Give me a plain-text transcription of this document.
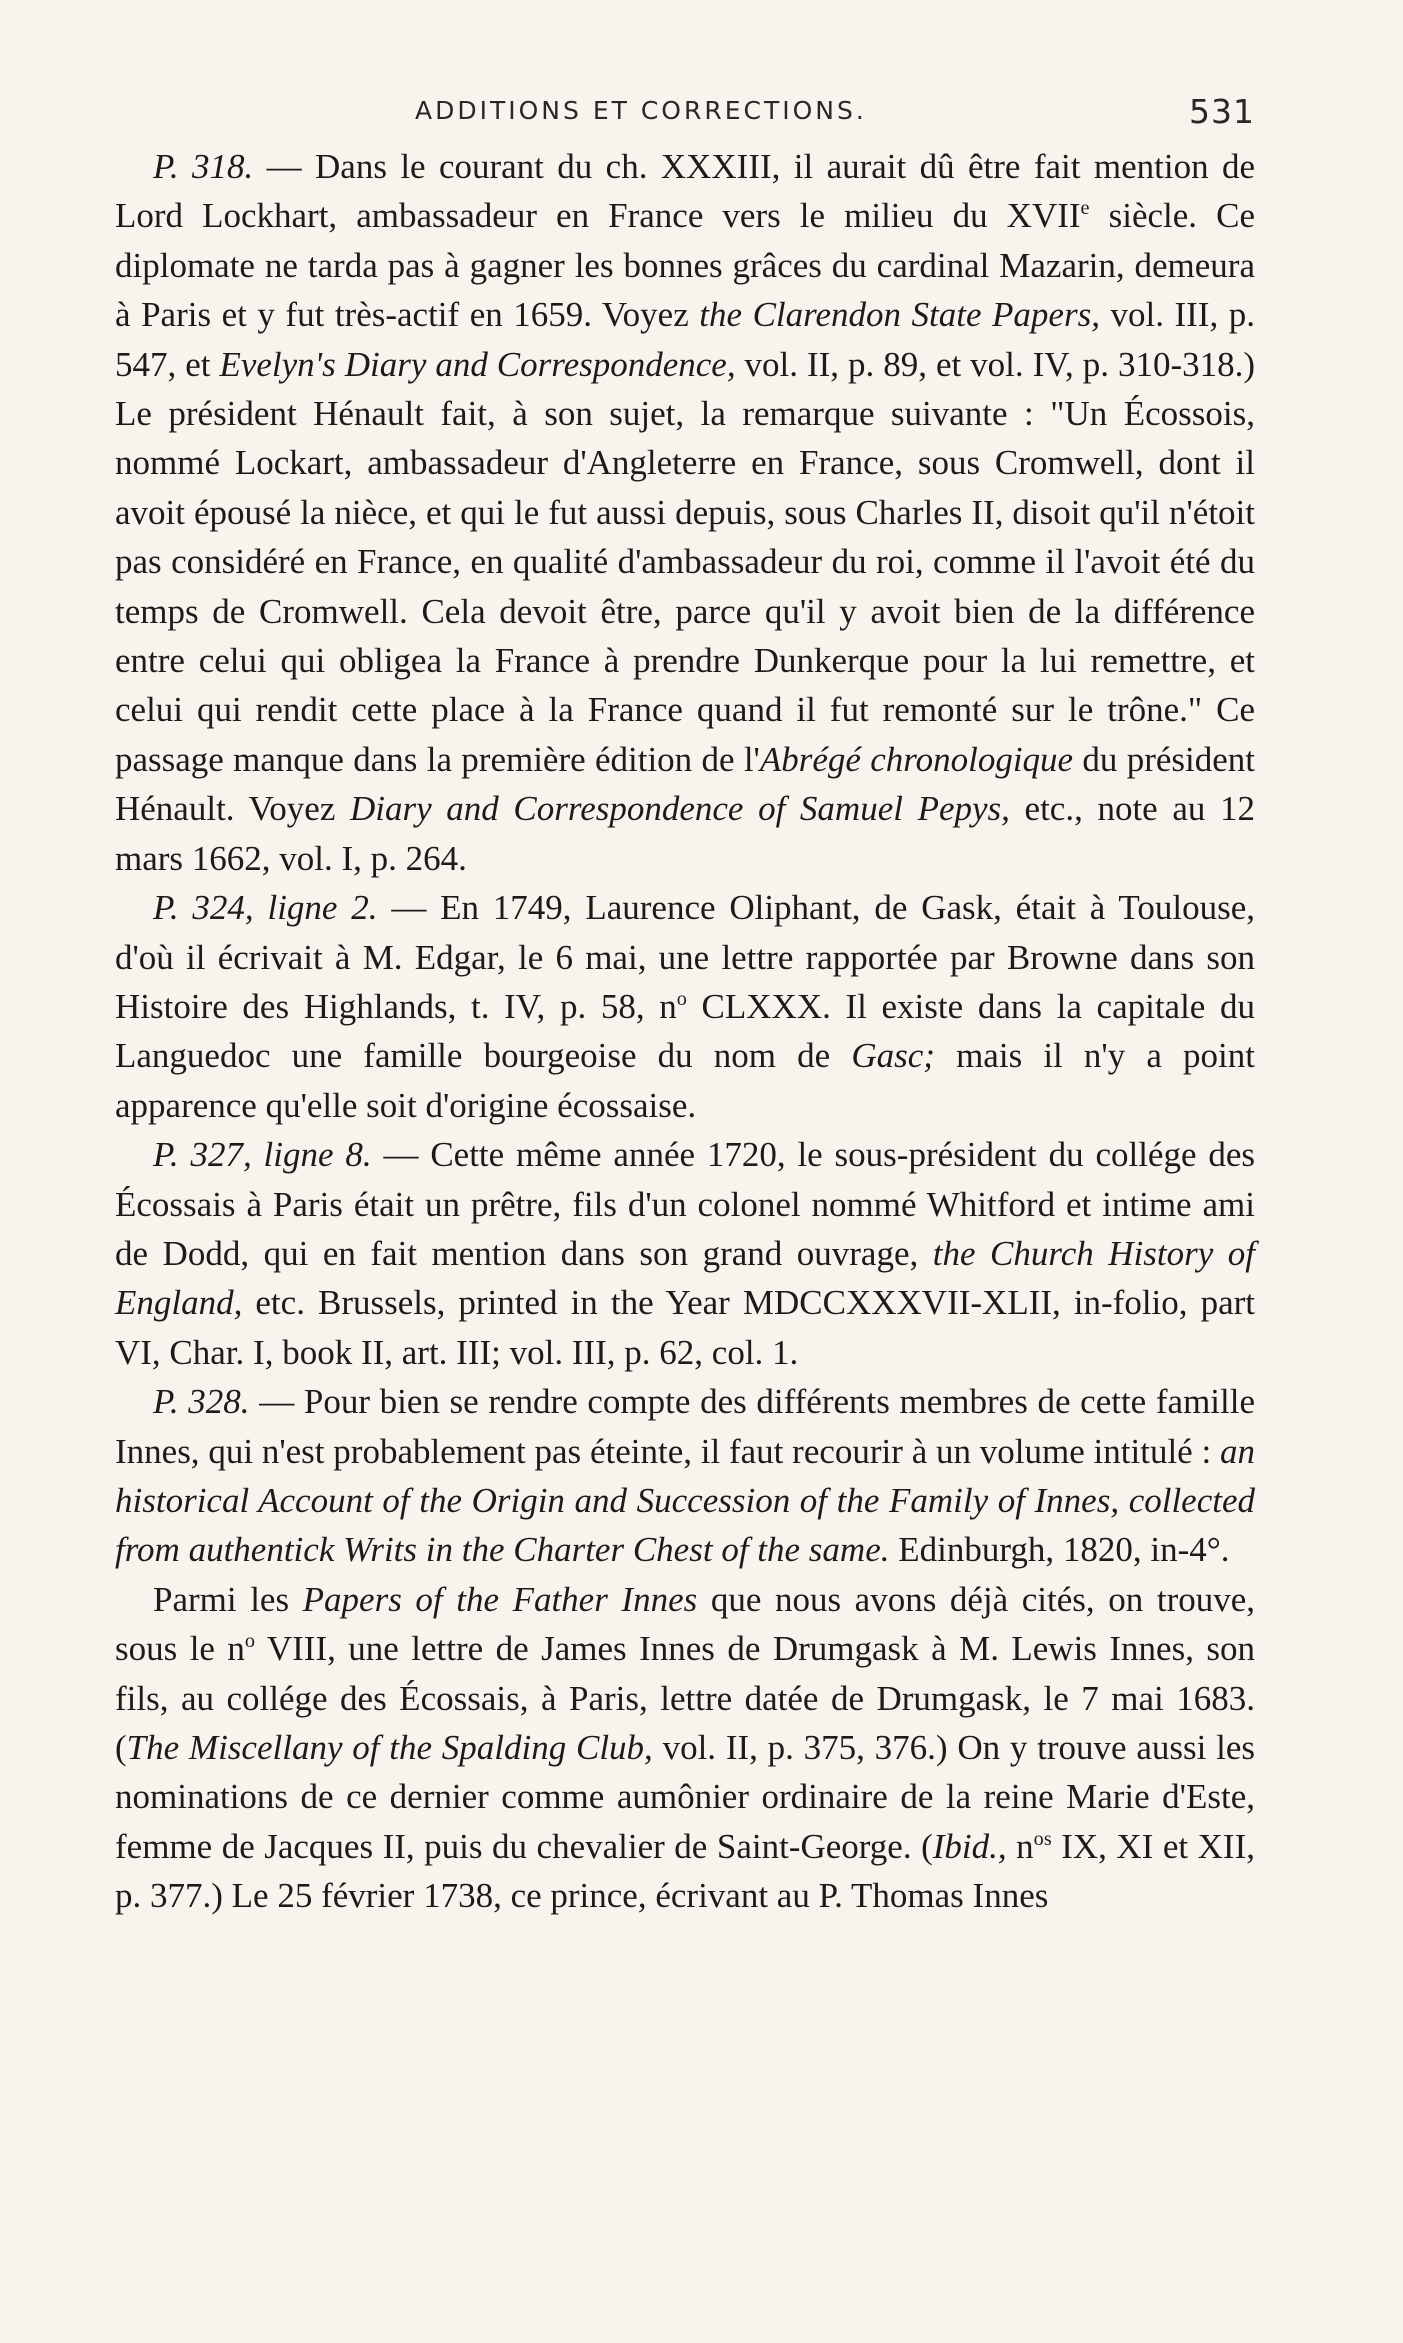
ADDITIONS ET CORRECTIONS.	531

P. 318. — Dans le courant du ch. XXXIII, il aurait dû être fait mention de Lord Lockhart, ambassadeur en France vers le milieu du XVIIe siècle. Ce diplomate ne tarda pas à gagner les bonnes grâces du cardinal Mazarin, demeura à Paris et y fut très-actif en 1659. Voyez the Clarendon State Papers, vol. III, p. 547, et Evelyn's Diary and Correspondence, vol. II, p. 89, et vol. IV, p. 310-318.) Le président Hénault fait, à son sujet, la remarque suivante : "Un Écossois, nommé Lockart, ambassadeur d'Angleterre en France, sous Cromwell, dont il avoit épousé la nièce, et qui le fut aussi depuis, sous Charles II, disoit qu'il n'étoit pas considéré en France, en qualité d'ambassadeur du roi, comme il l'avoit été du temps de Cromwell. Cela devoit être, parce qu'il y avoit bien de la différence entre celui qui obligea la France à prendre Dunkerque pour la lui remettre, et celui qui rendit cette place à la France quand il fut remonté sur le trône." Ce passage manque dans la première édition de l'Abrégé chronologique du président Hénault. Voyez Diary and Correspondence of Samuel Pepys, etc., note au 12 mars 1662, vol. I, p. 264.

P. 324, ligne 2. — En 1749, Laurence Oliphant, de Gask, était à Toulouse, d'où il écrivait à M. Edgar, le 6 mai, une lettre rapportée par Browne dans son Histoire des Highlands, t. IV, p. 58, $n^o$ CLXXX. Il existe dans la capitale du Languedoc une famille bourgeoise du nom de Gasc; mais il n'y a point apparence qu'elle soit d'origine écossaise.

P. 327, ligne 8. — Cette même année 1720, le sous-président du collége des Écossais à Paris était un prêtre, fils d'un colonel nommé Whitford et intime ami de Dodd, qui en fait mention dans son grand ouvrage, the Church History of England, etc. Brussels, printed in the Year MDCCXXXVII-XLII, in-folio, part VI, Char. I, book II, art. III; vol. III, p. 62, col. 1.

P. 328. — Pour bien se rendre compte des différents membres de cette famille Innes, qui n'est probablement pas éteinte, il faut recourir à un volume intitulé : an historical Account of the Origin and Succession of the Family of Innes, collected from authentick Writs in the Charter Chest of the same. Edinburgh, 1820, in-4°.

Parmi les Papers of the Father Innes que nous avons déjà cités, on trouve, sous le $n^o$ VIII, une lettre de James Innes de Drumgask à M. Lewis Innes, son fils, au collége des Écossais, à Paris, lettre datée de Drumgask, le 7 mai 1683. (The Miscellany of the Spalding Club, vol. II, p. 375, 376.) On y trouve aussi les nominations de ce dernier comme aumônier ordinaire de la reine Marie d'Este, femme de Jacques II, puis du chevalier de Saint-George. (Ibid., $n^{os}$ IX, XI et XII, p. 377.) Le 25 février 1738, ce prince, écrivant au P. Thomas Innes
